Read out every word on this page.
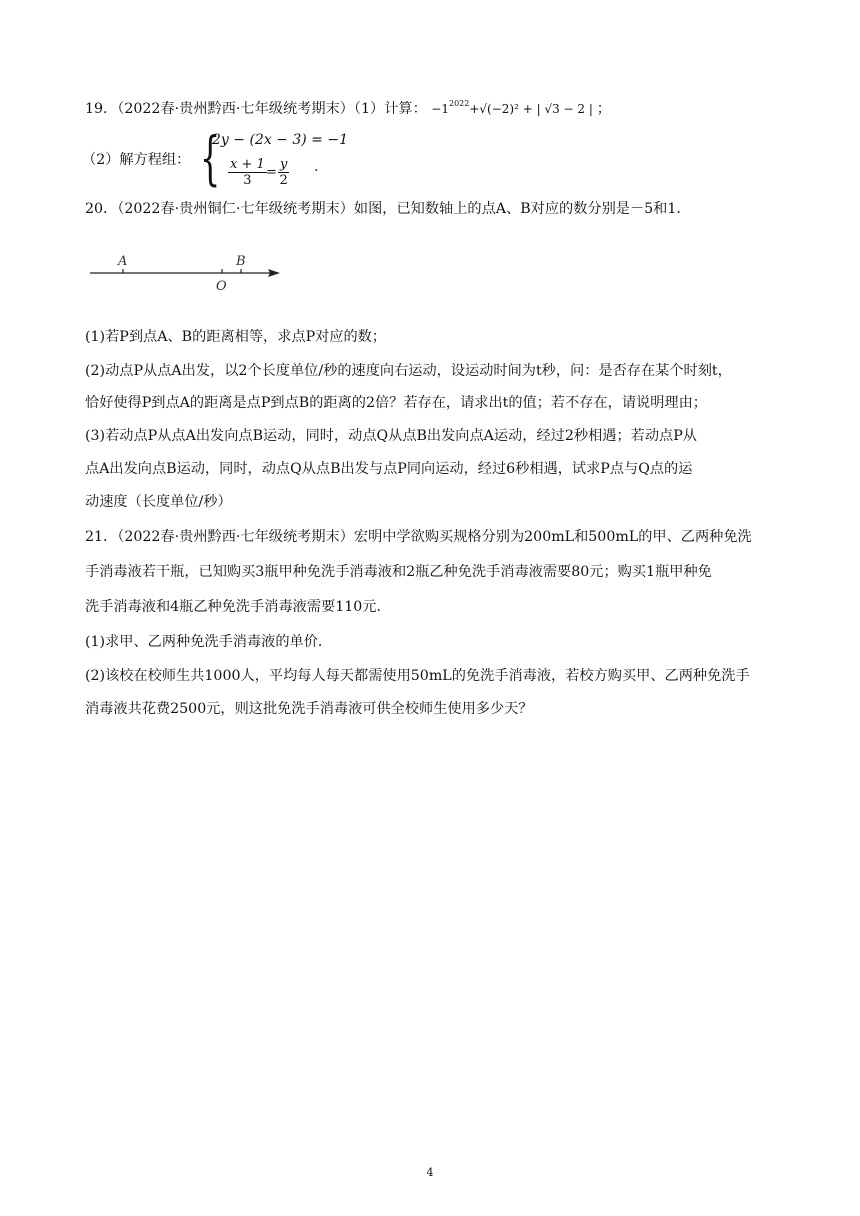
19．（2022春·贵州黔西·七年级统考期末）（1）计算： $-1^{2022}+√(-2)^2$ + | √3 − 2 | ；
（2）解方程组： {
2y − (2x − 3) = −1
$\frac{x + 1}{3} = \frac{y}{2}$ .
20．（2022春·贵州铜仁·七年级统考期末）如图，已知数轴上的点A、B对应的数分别是－5和1．
A	B
O
(1)若P到点A、B的距离相等，求点P对应的数；
(2)动点P从点A出发，以2个长度单位/秒的速度向右运动，设运动时间为t秒，问：是否存在某个时刻t，
恰好使得P到点A的距离是点P到点B的距离的2倍？若存在，请求出t的值；若不存在，请说明理由；
(3)若动点P从点A出发向点B运动，同时，动点Q从点B出发向点A运动，经过2秒相遇；若动点P从
点A出发向点B运动，同时，动点Q从点B出发与点P同向运动，经过6秒相遇，试求P点与Q点的运
动速度（长度单位/秒）
21．（2022春·贵州黔西·七年级统考期末）宏明中学欲购买规格分别为200mL和500mL的甲、乙两种免洗
手消毒液若干瓶，已知购买3瓶甲种免洗手消毒液和2瓶乙种免洗手消毒液需要80元；购买1瓶甲种免
洗手消毒液和4瓶乙种免洗手消毒液需要110元．
(1)求甲、乙两种免洗手消毒液的单价．
(2)该校在校师生共1000人，平均每人每天都需使用50mL的免洗手消毒液，若校方购买甲、乙两种免洗手
消毒液共花费2500元，则这批免洗手消毒液可供全校师生使用多少天？
4
